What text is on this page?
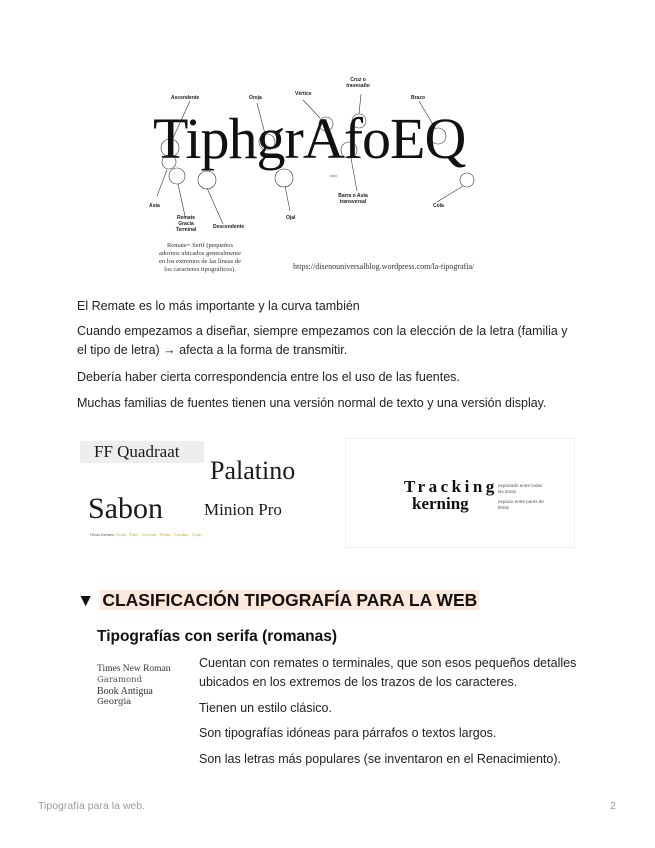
TiphgrAfoEQ
Ascendente	Oreja
Vértice
Cruz o
travesaño
Brazo
Asta
Remate
Gracia
Terminal	Descendente
Ojal
Barra o Asta
transversal
Cola
Remate= Serif (pequeños
adornos ubicados generalmente
en los extremos de las líneas de
los caracteres tipográficos).	https://disenouniversalblog.wordpress.com/la-tipografia/

El Remate es lo más importante y la curva también

Cuando empezamos a diseñar, siempre empezamos con la elección de la letra (familia y el tipo de letra) → afecta a la forma de transmitir.

Debería haber cierta correspondencia entre los el uso de las fuentes.

Muchas familias de fuentes tienen una versión normal de texto y una versión display.

FF Quadraat
Palatino
Sabon Minion Pro
Otras fuentes: Scala · Unit · Lexicon · Fedra · Coranto · Lyon
Tracking
kerning
espaciado entre todas las letras
espacio entre pares de letras
▼ CLASIFICACIÓN TIPOGRAFÍA PARA LA WEB
Tipografías con serifa (romanas)
Times New Roman
Garamond
Book Antigua
Georgia

Cuentan con remates o terminales, que son esos pequeños detalles ubicados en los extremos de los trazos de los caracteres.

Tienen un estilo clásico.

Son tipografías idóneas para párrafos o textos largos.

Son las letras más populares (se inventaron en el Renacimiento).

Tipografía para la web.	2
